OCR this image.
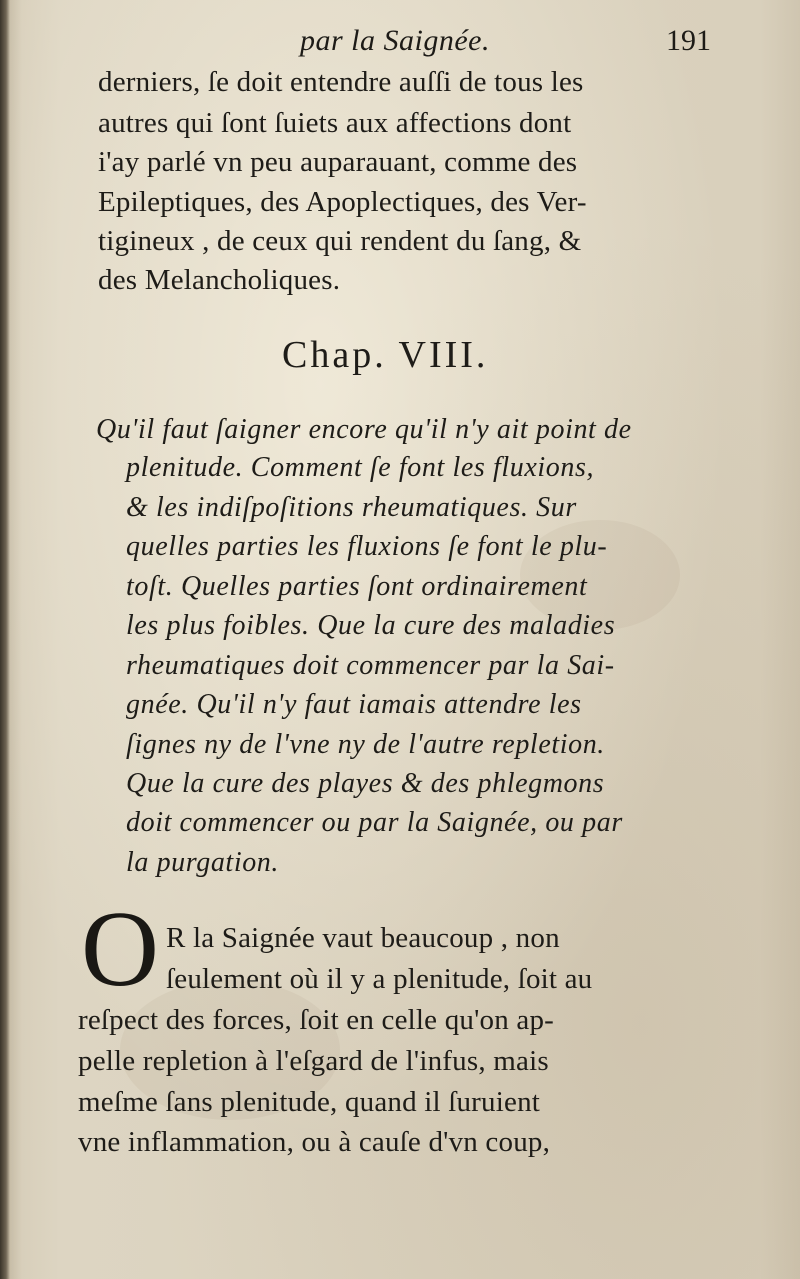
par la Saignée.	191
derniers, ſe doit entendre auſſi de tous les
autres qui ſont ſuiets aux affections dont
i'ay parlé vn peu auparauant, comme des
Epileptiques, des Apoplectiques, des Ver-
tigineux , de ceux qui rendent du ſang, &
des Melancholiques.
Chap. VIII.
Qu'il faut ſaigner encore qu'il n'y ait point de
plenitude. Comment ſe font les fluxions,
& les indiſpoſitions rheumatiques. Sur
quelles parties les fluxions ſe font le plu-
toſt. Quelles parties ſont ordinairement
les plus foibles. Que la cure des maladies
rheumatiques doit commencer par la Sai-
gnée. Qu'il n'y faut iamais attendre les
ſignes ny de l'vne ny de l'autre repletion.
Que la cure des playes & des phlegmons
doit commencer ou par la Saignée, ou par
la purgation.
O R la Saignée vaut beaucoup , non
ſeulement où il y a plenitude, ſoit au
reſpect des forces, ſoit en celle qu'on ap-
pelle repletion à l'eſgard de l'infus, mais
meſme ſans plenitude, quand il ſuruient
vne inflammation, ou à cauſe d'vn coup,
